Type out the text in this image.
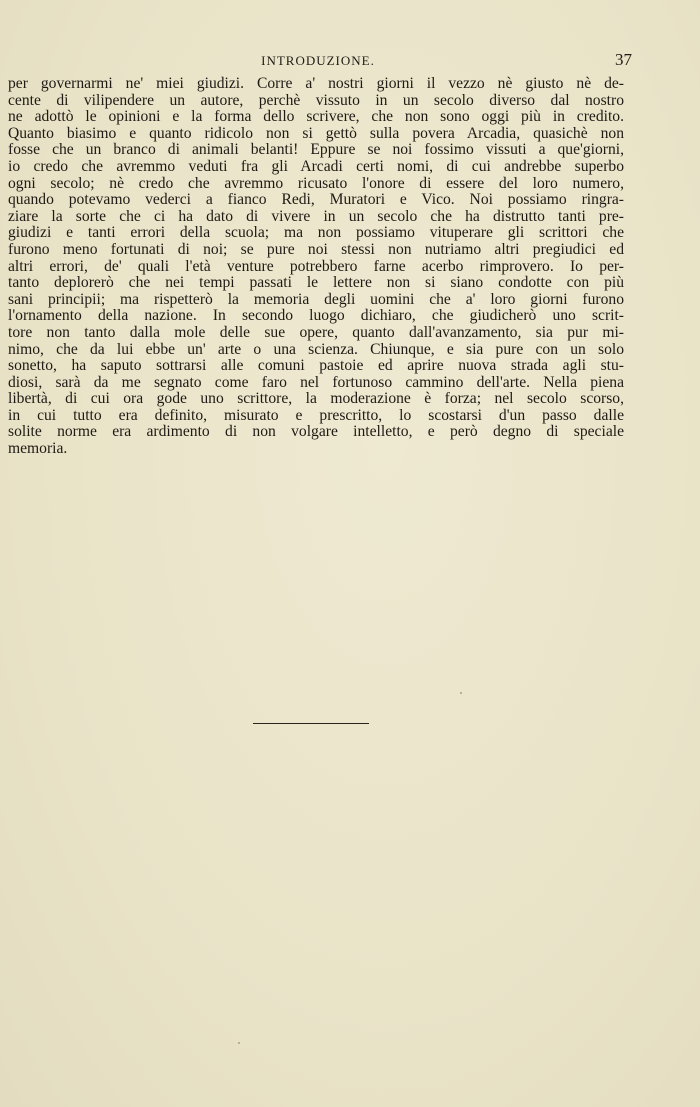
INTRODUZIONE.	37
per governarmi ne' miei giudizi. Corre a' nostri giorni il vezzo nè giusto nè de-
cente di vilipendere un autore, perchè vissuto in un secolo diverso dal nostro
ne adottò le opinioni e la forma dello scrivere, che non sono oggi più in credito.
Quanto biasimo e quanto ridicolo non si gettò sulla povera Arcadia, quasichè non
fosse che un branco di animali belanti! Eppure se noi fossimo vissuti a que'giorni,
io credo che avremmo veduti fra gli Arcadi certi nomi, di cui andrebbe superbo
ogni secolo; nè credo che avremmo ricusato l'onore di essere del loro numero,
quando potevamo vederci a fianco Redi, Muratori e Vico. Noi possiamo ringra-
ziare la sorte che ci ha dato di vivere in un secolo che ha distrutto tanti pre-
giudizi e tanti errori della scuola; ma non possiamo vituperare gli scrittori che
furono meno fortunati di noi; se pure noi stessi non nutriamo altri pregiudici ed
altri errori, de' quali l'età venture potrebbero farne acerbo rimprovero. Io per-
tanto deplorerò che nei tempi passati le lettere non si siano condotte con più
sani principii; ma rispetterò la memoria degli uomini che a' loro giorni furono
l'ornamento della nazione. In secondo luogo dichiaro, che giudicherò uno scrit-
tore non tanto dalla mole delle sue opere, quanto dall'avanzamento, sia pur mi-
nimo, che da lui ebbe un' arte o una scienza. Chiunque, e sia pure con un solo
sonetto, ha saputo sottrarsi alle comuni pastoie ed aprire nuova strada agli stu-
diosi, sarà da me segnato come faro nel fortunoso cammino dell'arte. Nella piena
libertà, di cui ora gode uno scrittore, la moderazione è forza; nel secolo scorso,
in cui tutto era definito, misurato e prescritto, lo scostarsi d'un passo dalle
solite norme era ardimento di non volgare intelletto, e però degno di speciale
memoria.
